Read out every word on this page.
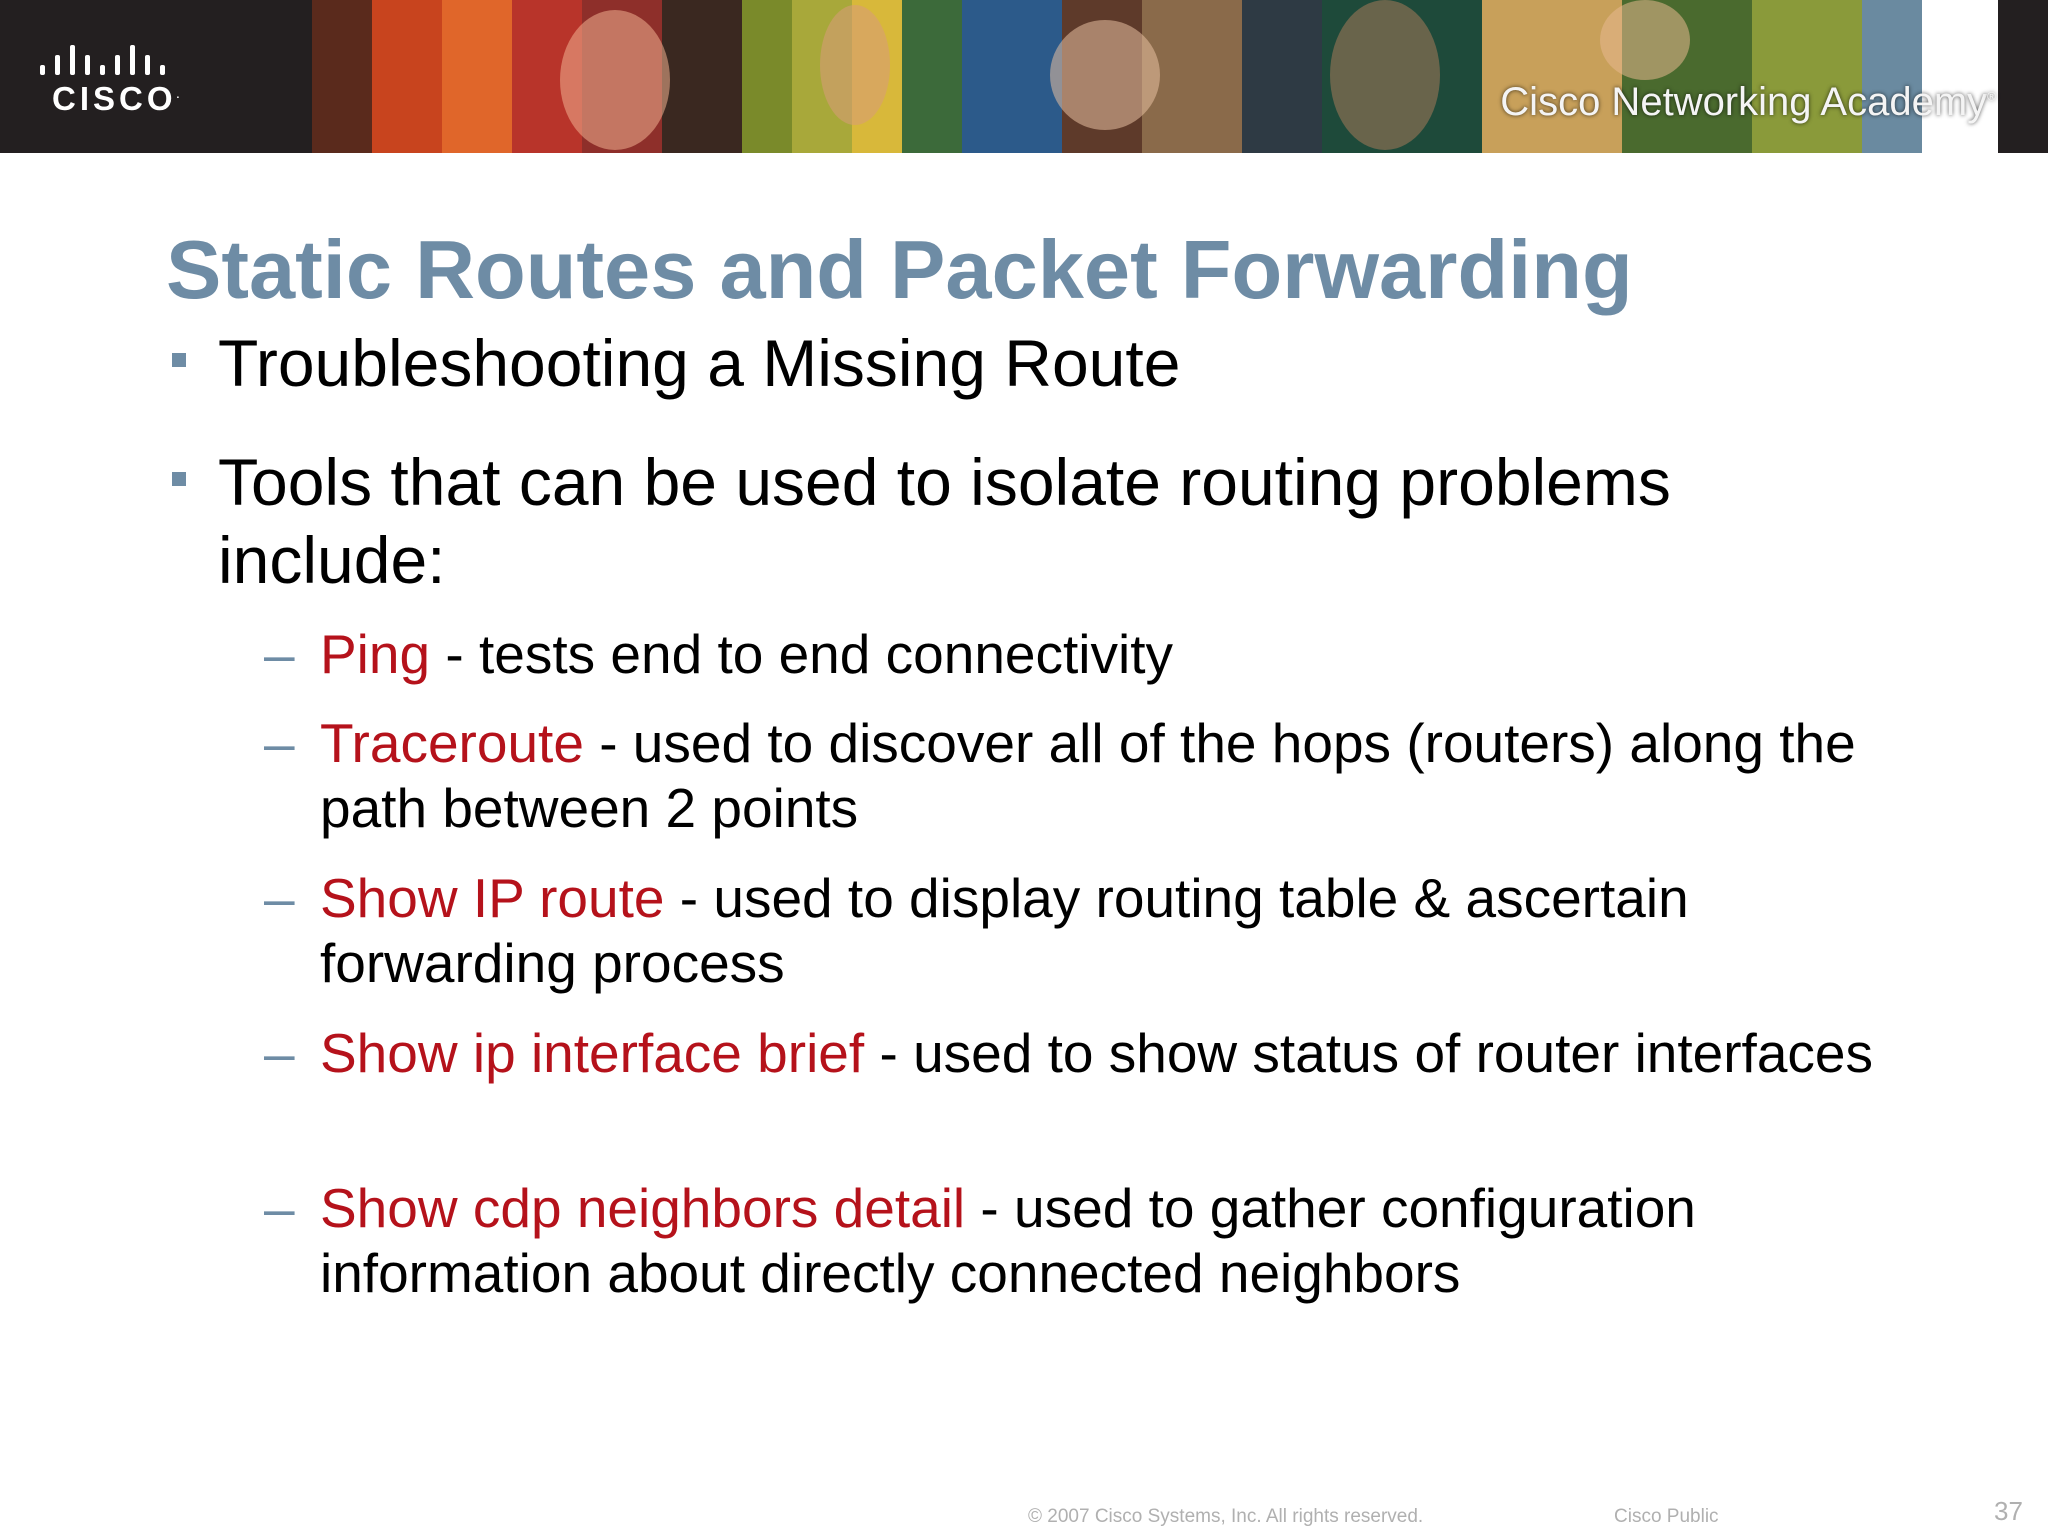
CISCO.	Cisco Networking Academy®
Static Routes and Packet Forwarding
Troubleshooting a Missing Route
Tools that can be used to isolate routing problems include:
– Ping - tests end to end connectivity
– Traceroute - used to discover all of the hops (routers) along the path between 2 points
– Show IP route - used to display routing table & ascertain forwarding process
– Show ip interface brief - used to show status of router interfaces
– Show cdp neighbors detail - used to gather configuration information about directly connected neighbors
© 2007 Cisco Systems, Inc. All rights reserved.	Cisco Public	37
